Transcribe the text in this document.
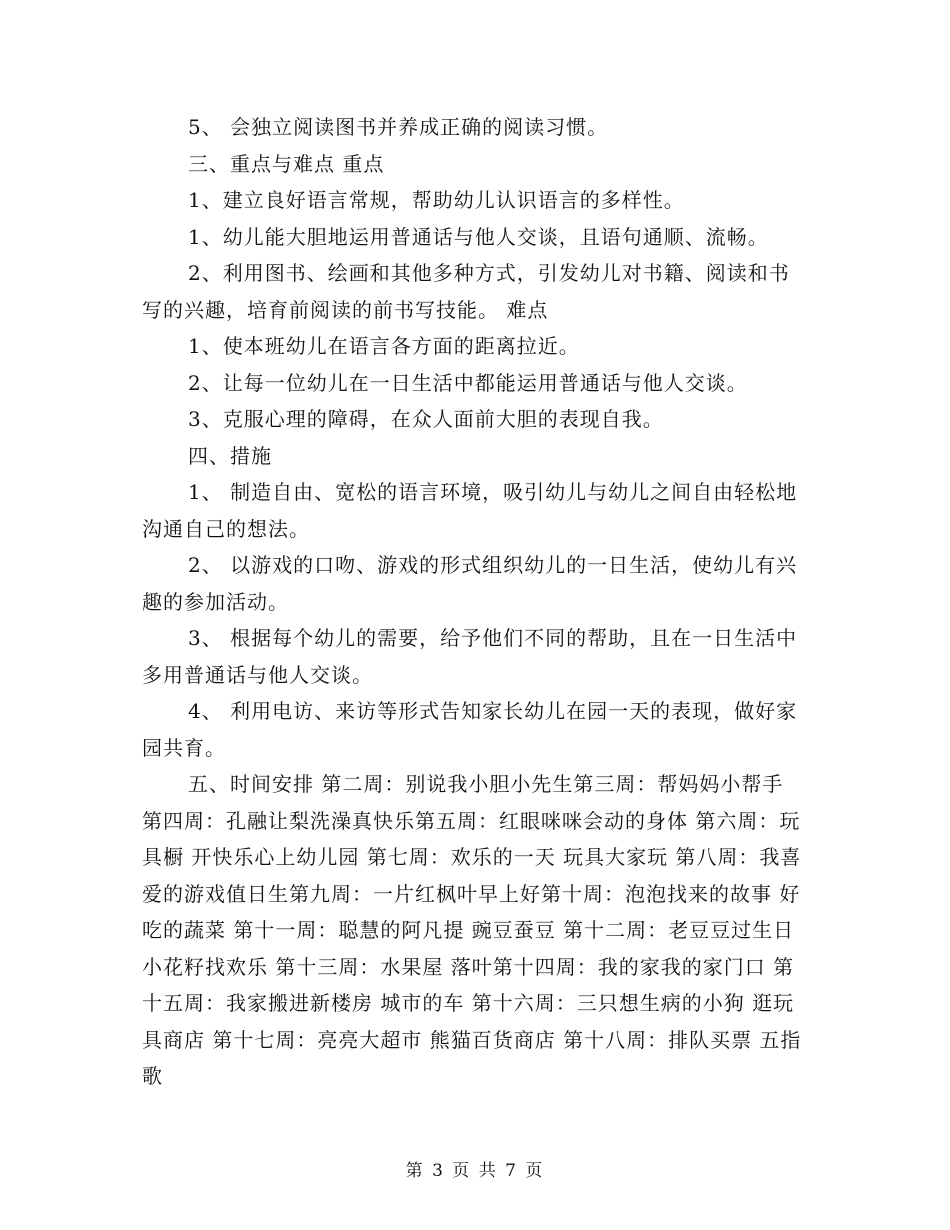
5、 会独立阅读图书并养成正确的阅读习惯。

三、重点与难点 重点

1、建立良好语言常规，帮助幼儿认识语言的多样性。

1、幼儿能大胆地运用普通话与他人交谈，且语句通顺、流畅。

2、利用图书、绘画和其他多种方式，引发幼儿对书籍、阅读和书写的兴趣，培育前阅读的前书写技能。 难点

1、使本班幼儿在语言各方面的距离拉近。

2、让每一位幼儿在一日生活中都能运用普通话与他人交谈。

3、克服心理的障碍，在众人面前大胆的表现自我。

四、措施

1、 制造自由、宽松的语言环境，吸引幼儿与幼儿之间自由轻松地沟通自己的想法。

2、 以游戏的口吻、游戏的形式组织幼儿的一日生活，使幼儿有兴趣的参加活动。

3、 根据每个幼儿的需要，给予他们不同的帮助，且在一日生活中多用普通话与他人交谈。

4、 利用电访、来访等形式告知家长幼儿在园一天的表现，做好家园共育。

五、时间安排 第二周：别说我小胆小先生第三周：帮妈妈小帮手第四周：孔融让梨洗澡真快乐第五周：红眼咪咪会动的身体 第六周：玩具橱 开快乐心上幼儿园 第七周：欢乐的一天 玩具大家玩 第八周：我喜爱的游戏值日生第九周：一片红枫叶早上好第十周：泡泡找来的故事 好吃的蔬菜 第十一周：聪慧的阿凡提 豌豆蚕豆 第十二周：老豆豆过生日 小花籽找欢乐 第十三周：水果屋 落叶第十四周：我的家我的家门口 第十五周：我家搬进新楼房 城市的车 第十六周：三只想生病的小狗 逛玩具商店 第十七周：亮亮大超市 熊猫百货商店 第十八周：排队买票 五指歌

第 3 页 共 7 页
